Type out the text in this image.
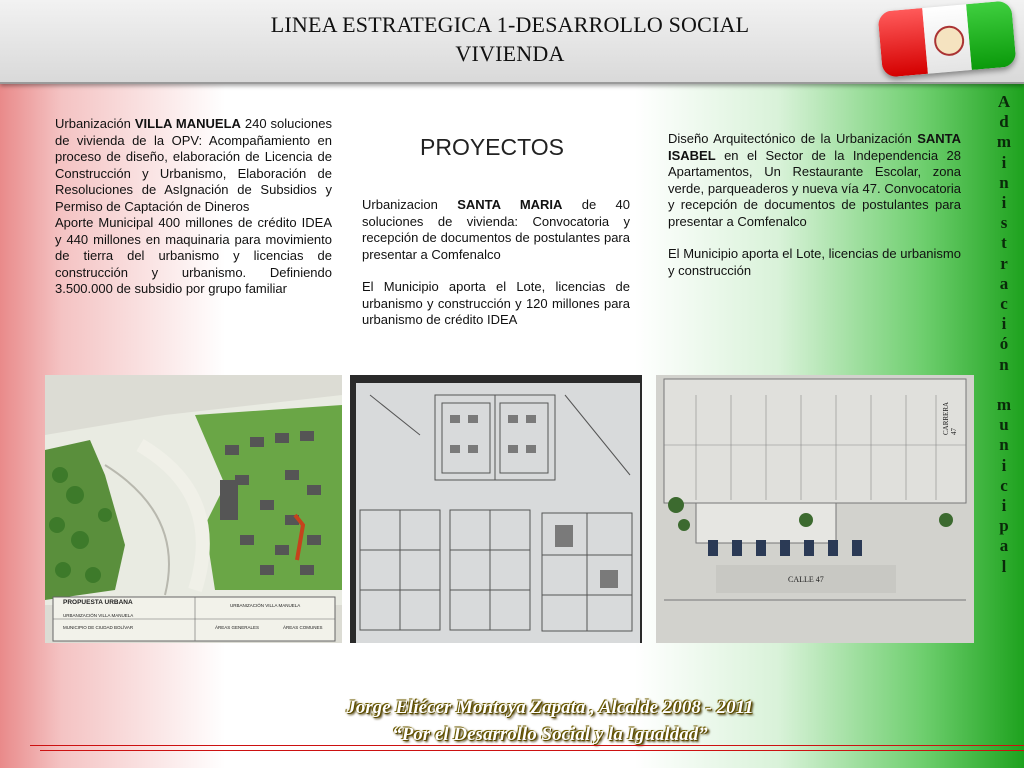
LINEA ESTRATEGICA 1-DESARROLLO SOCIAL
VIVIENDA

Urbanización VILLA MANUELA 240 soluciones de vivienda de la OPV: Acompañamiento en proceso de diseño, elaboración de Licencia de Construcción y Urbanismo, Elaboración de Resoluciones de AsIgnación de Subsidios y Permiso de Captación de Dineros

Aporte Municipal 400 millones de crédito IDEA y 440 millones en maquinaria para movimiento de tierra del urbanismo y licencias de construcción y urbanismo. Definiendo 3.500.000 de subsidio por grupo familiar

PROYECTOS

Urbanizacion SANTA MARIA de 40 soluciones de vivienda: Convocatoria y recepción de documentos de postulantes para presentar a Comfenalco

El Municipio aporta el Lote, licencias de urbanismo y construcción y 120 millones para urbanismo de crédito IDEA

Diseño Arquitectónico de la Urbanización SANTA ISABEL en el Sector de la Independencia 28 Apartamentos, Un Restaurante Escolar, zona verde, parqueaderos y nueva vía 47. Convocatoria y recepción de documentos de postulantes para presentar a Comfenalco

El Municipio aporta el Lote, licencias de urbanismo y construcción

PROPUESTA URBANA
URBANIZACIÓN VILLA MANUELA
MUNICIPIO DE CIUDAD BOLÍVAR
URBANIZACIÓN VILLA MANUELA
ÁREAS GENERALES	ÁREAS COMUNES
CALLE 47
CARRERA 47
A
d
m
i
n
i
s
t
r
a
c
i
ó
n

m
u
n
i
c
i
p
a
l
Jorge Eliécer Montoya Zapata , Alcalde 2008 - 2011
“Por el Desarrollo Social y la Igualdad”
